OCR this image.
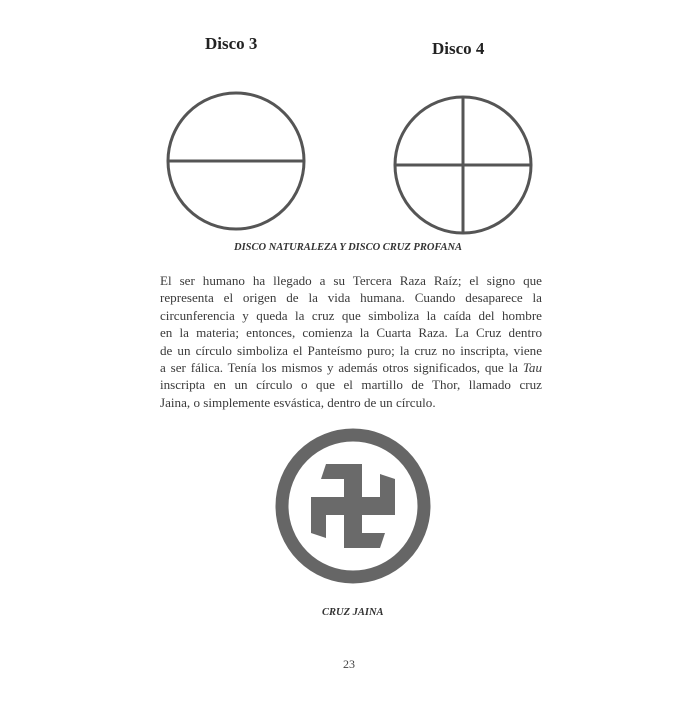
Disco 3	Disco 4
DISCO NATURALEZA Y DISCO CRUZ PROFANA
El ser humano ha llegado a su Tercera Raza Raíz; el signo que
representa el origen de la vida humana. Cuando desaparece la
circunferencia y queda la cruz que simboliza la caída del hombre
en la materia; entonces, comienza la Cuarta Raza. La Cruz dentro
de un círculo simboliza el Panteísmo puro; la cruz no inscripta, viene
a ser fálica. Tenía los mismos y además otros significados, que la Tau
inscripta en un círculo o que el martillo de Thor, llamado cruz
Jaina, o simplemente esvástica, dentro de un círculo.
CRUZ JAINA
23
